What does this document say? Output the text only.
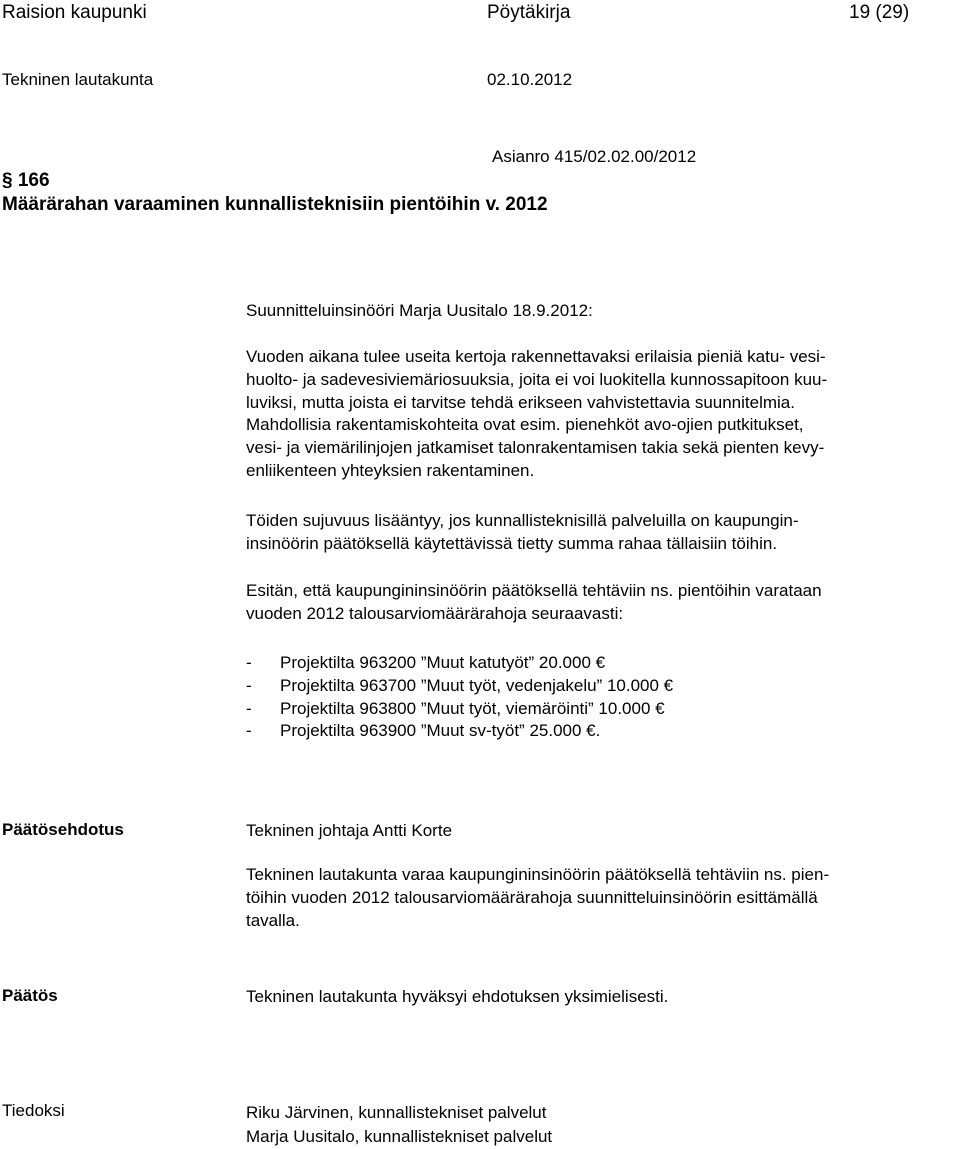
Raision kaupunki	Pöytäkirja	19 (29)
Tekninen lautakunta	02.10.2012
Asianro 415/02.02.00/2012
§ 166
Määrärahan varaaminen kunnallisteknisiin pientöihin v. 2012
Suunnitteluinsinööri Marja Uusitalo 18.9.2012:
Vuoden aikana tulee useita kertoja rakennettavaksi erilaisia pieniä katu- vesi-
huolto- ja sadevesiviemäriosuuksia, joita ei voi luokitella kunnossapitoon kuu-
luviksi, mutta joista ei tarvitse tehdä erikseen vahvistettavia suunnitelmia.
Mahdollisia rakentamiskohteita ovat esim. pienehköt avo-ojien putkitukset,
vesi- ja viemärilinjojen jatkamiset talonrakentamisen takia sekä pienten kevy-
enliikenteen yhteyksien rakentaminen.
Töiden sujuvuus lisääntyy, jos kunnallisteknisillä palveluilla on kaupungin-
insinöörin päätöksellä käytettävissä tietty summa rahaa tällaisiin töihin.
Esitän, että kaupungininsinöörin päätöksellä tehtäviin ns. pientöihin varataan
vuoden 2012 talousarviomäärärahoja seuraavasti:
- Projektilta 963200 ”Muut katutyöt” 20.000 €
- Projektilta 963700 ”Muut työt, vedenjakelu” 10.000 €
- Projektilta 963800 ”Muut työt, viemäröinti” 10.000 €
- Projektilta 963900 ”Muut sv-työt” 25.000 €.
Päätösehdotus	Tekninen johtaja Antti Korte
Tekninen lautakunta varaa kaupungininsinöörin päätöksellä tehtäviin ns. pien-
töihin vuoden 2012 talousarviomäärärahoja suunnitteluinsinöörin esittämällä
tavalla.
Päätös	Tekninen lautakunta hyväksyi ehdotuksen yksimielisesti.
Tiedoksi	Riku Järvinen, kunnallistekniset palvelut
Marja Uusitalo, kunnallistekniset palvelut
